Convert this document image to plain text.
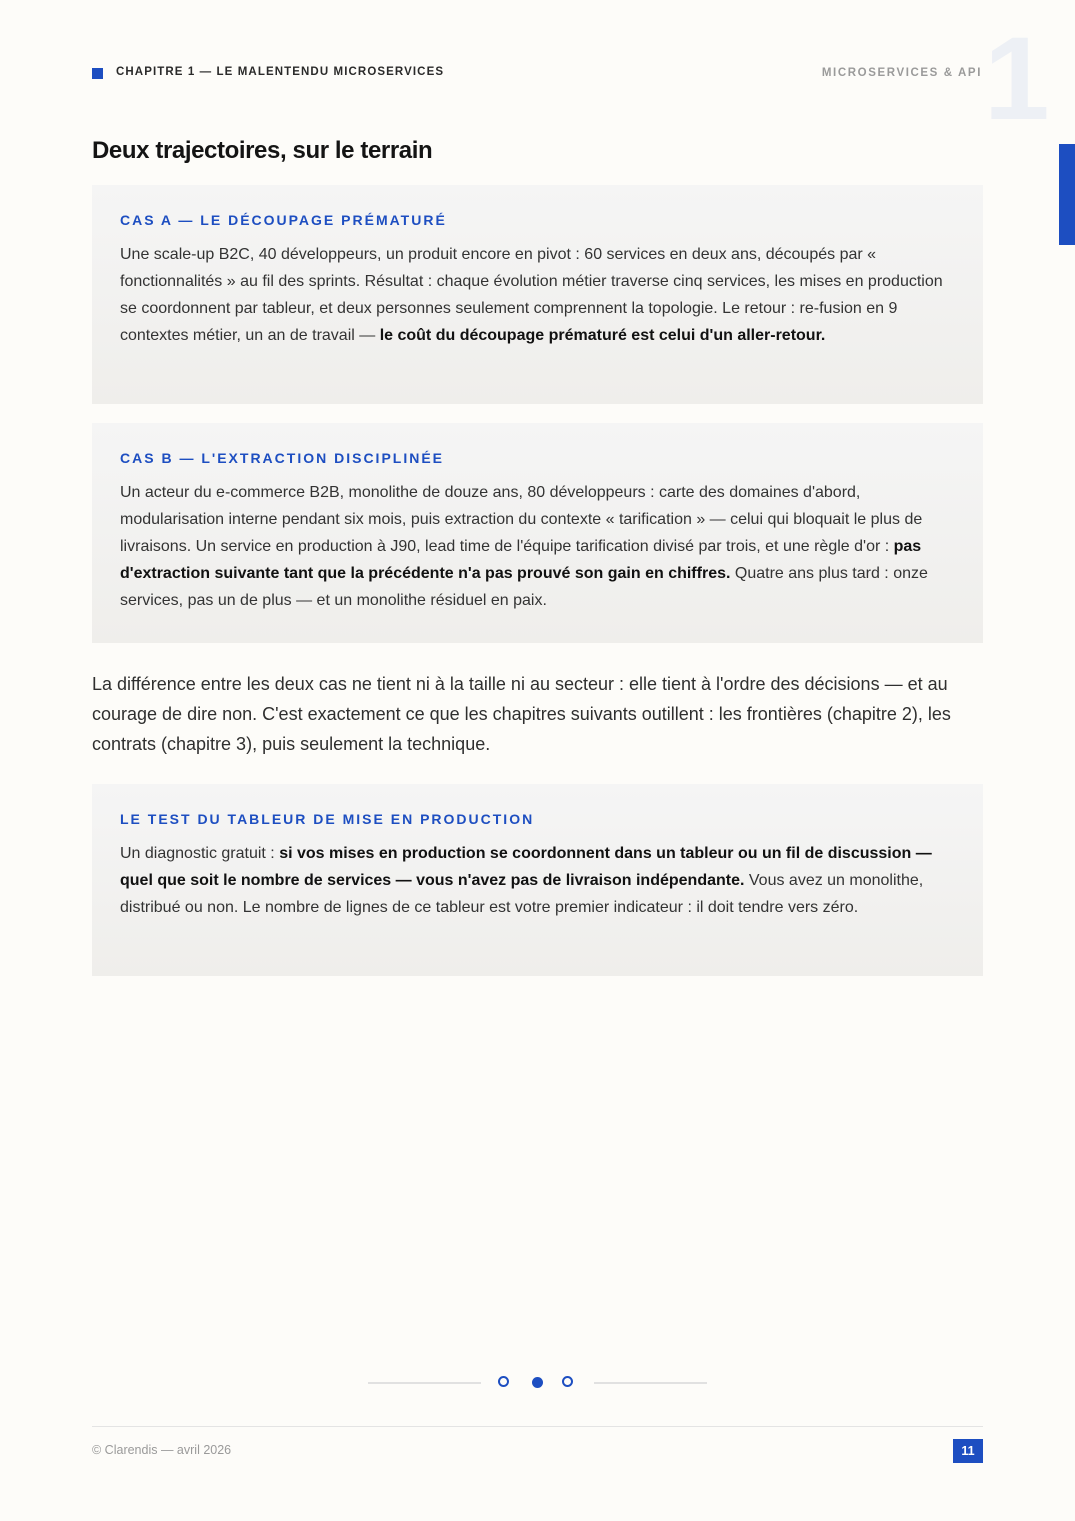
CHAPITRE 1 — LE MALENTENDU MICROSERVICES	MICROSERVICES & API 1
Deux trajectoires, sur le terrain

CAS A — LE DÉCOUPAGE PRÉMATURÉ

Une scale-up B2C, 40 développeurs, un produit encore en pivot : 60 services en deux ans, découpés par « fonctionnalités » au fil des sprints. Résultat : chaque évolution métier traverse cinq services, les mises en production se coordonnent par tableur, et deux personnes seulement comprennent la topologie. Le retour : re-fusion en 9 contextes métier, un an de travail — le coût du découpage prématuré est celui d'un aller-retour.

CAS B — L'EXTRACTION DISCIPLINÉE

Un acteur du e-commerce B2B, monolithe de douze ans, 80 développeurs : carte des domaines d'abord, modularisation interne pendant six mois, puis extraction du contexte « tarification » — celui qui bloquait le plus de livraisons. Un service en production à J90, lead time de l'équipe tarification divisé par trois, et une règle d'or : pas d'extraction suivante tant que la précédente n'a pas prouvé son gain en chiffres. Quatre ans plus tard : onze services, pas un de plus — et un monolithe résiduel en paix.

La différence entre les deux cas ne tient ni à la taille ni au secteur : elle tient à l'ordre des décisions — et au courage de dire non. C'est exactement ce que les chapitres suivants outillent : les frontières (chapitre 2), les contrats (chapitre 3), puis seulement la technique.

LE TEST DU TABLEUR DE MISE EN PRODUCTION

Un diagnostic gratuit : si vos mises en production se coordonnent dans un tableur ou un fil de discussion — quel que soit le nombre de services — vous n'avez pas de livraison indépendante. Vous avez un monolithe, distribué ou non. Le nombre de lignes de ce tableur est votre premier indicateur : il doit tendre vers zéro.

© Clarendis — avril 2026	11
